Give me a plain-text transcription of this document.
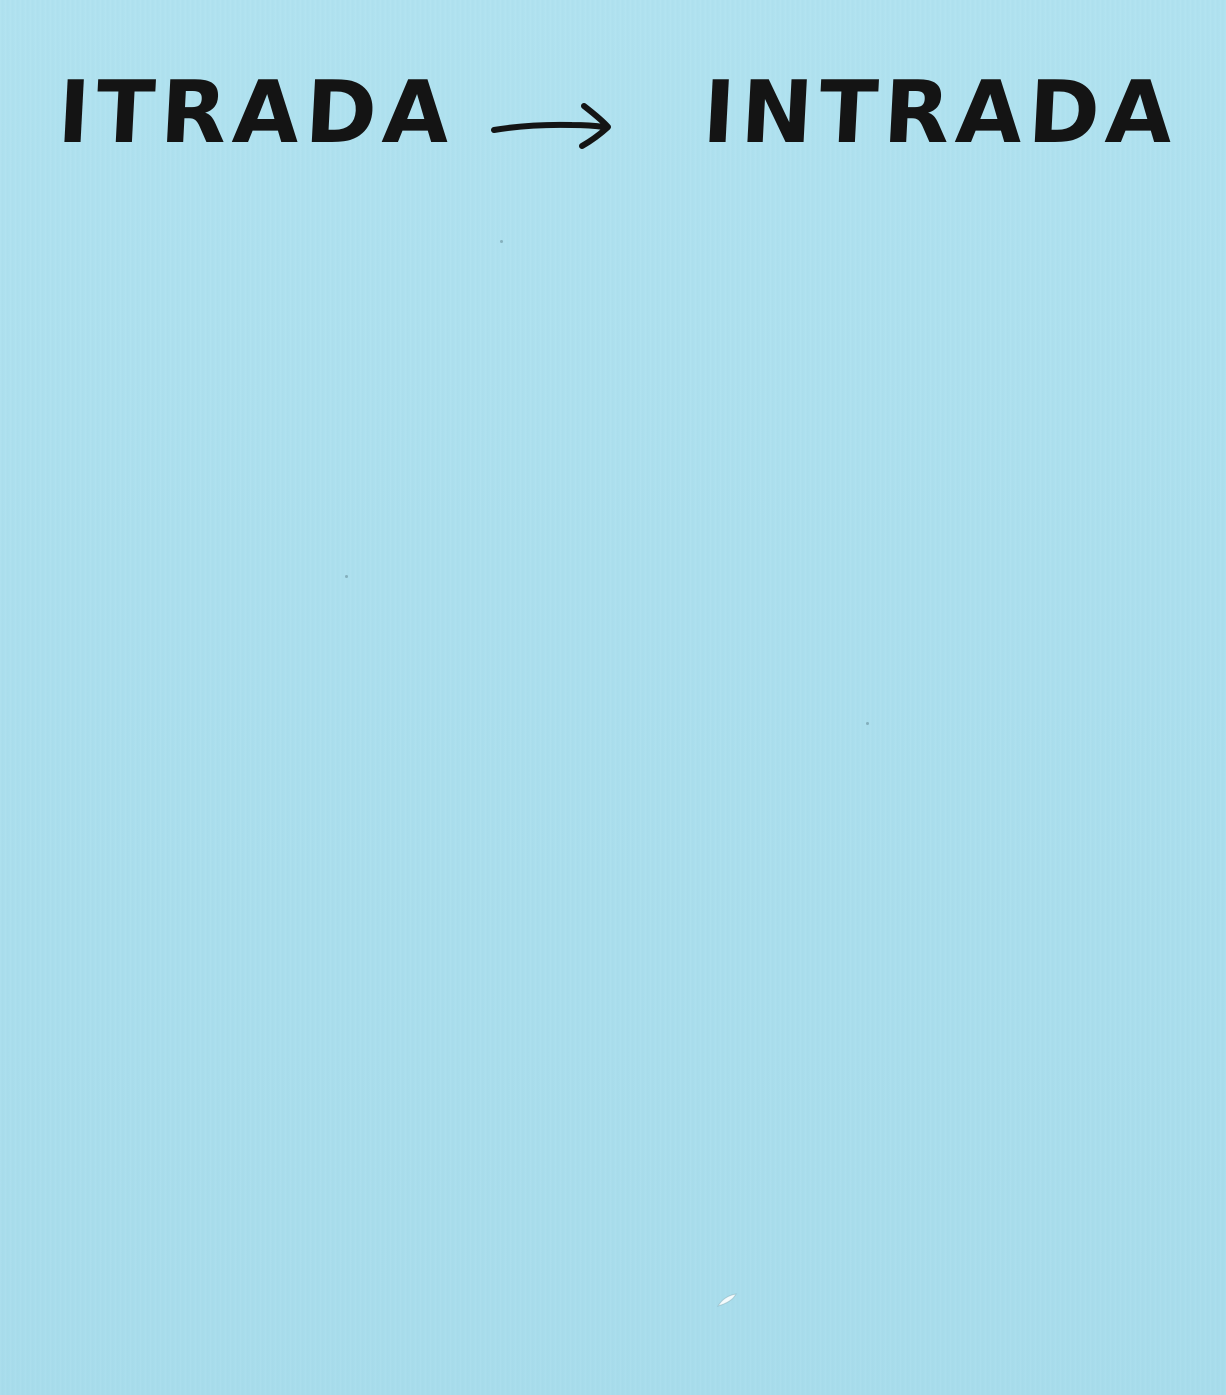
ITRADA	INTRADA
